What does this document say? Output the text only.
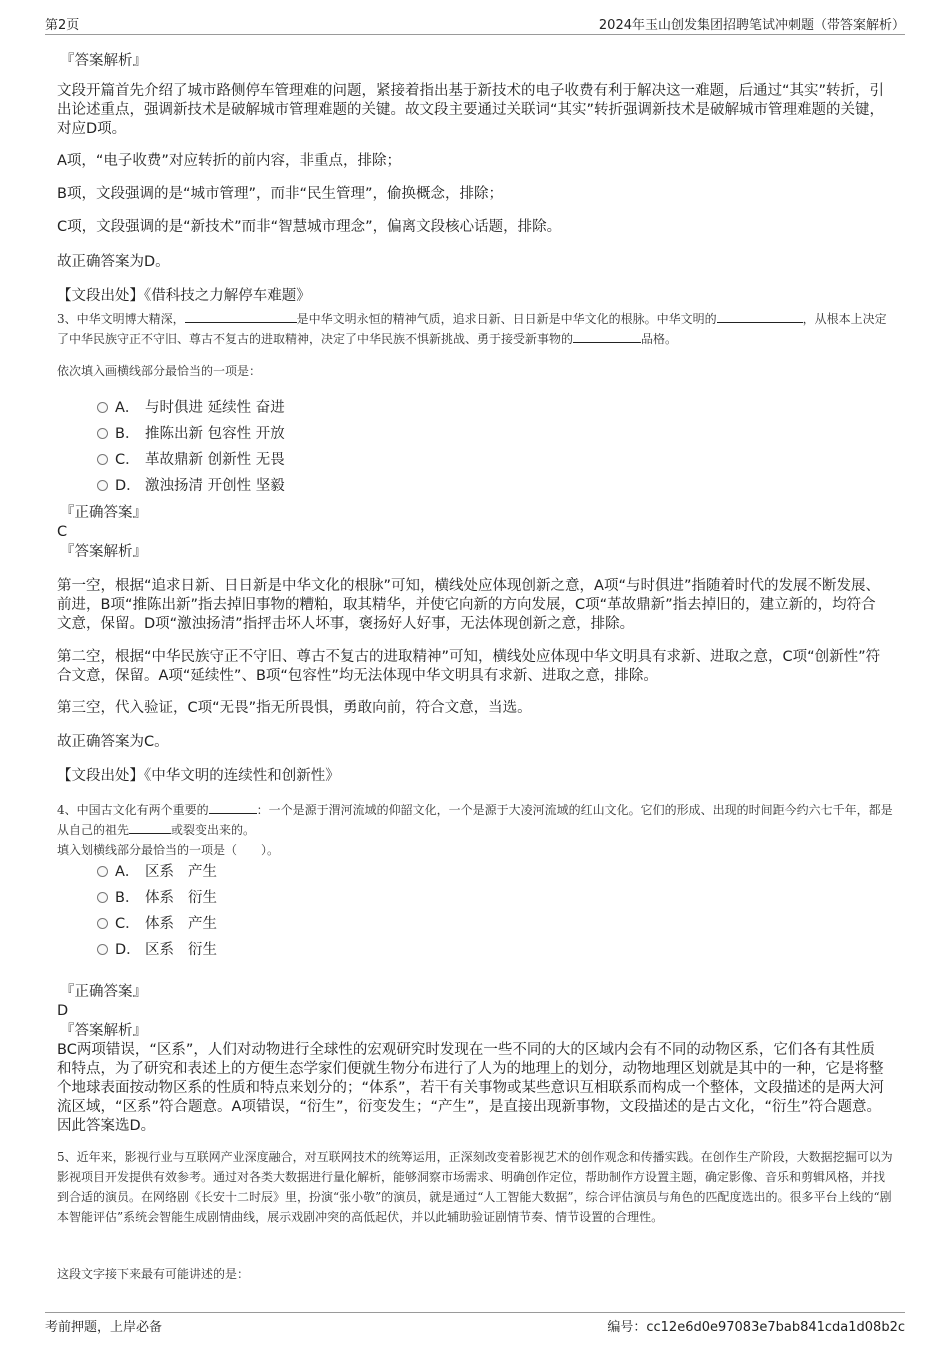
第2页	2024年玉山创发集团招聘笔试冲刺题（带答案解析）
『答案解析』

文段开篇首先介绍了城市路侧停车管理难的问题，紧接着指出基于新技术的电子收费有利于解决这一难题，后通过“其实”转折，引出论述重点，强调新技术是破解城市管理难题的关键。故文段主要通过关联词“其实”转折强调新技术是破解城市管理难题的关键，对应D项。

A项，“电子收费”对应转折的前内容，非重点，排除；

B项，文段强调的是“城市管理”，而非“民生管理”，偷换概念，排除；

C项，文段强调的是“新技术”而非“智慧城市理念”，偏离文段核心话题，排除。

故正确答案为D。

【文段出处】《借科技之力解停车难题》

3、中华文明博大精深，	是中华文明永恒的精神气质，追求日新、日日新是中华文化的根脉。中华文明的	，从根本上决定了中华民族守正不守旧、尊古不复古的进取精神，决定了中华民族不惧新挑战、勇于接受新事物的	品格。

依次填入画横线部分最恰当的一项是：

A． 与时俱进 延续性 奋进
B． 推陈出新 包容性 开放
C． 革故鼎新 创新性 无畏
D． 激浊扬清 开创性 坚毅
『正确答案』
C
『答案解析』

第一空，根据“追求日新、日日新是中华文化的根脉”可知，横线处应体现创新之意，A项“与时俱进”指随着时代的发展不断发展、前进，B项“推陈出新”指去掉旧事物的糟粕，取其精华，并使它向新的方向发展，C项“革故鼎新”指去掉旧的，建立新的，均符合文意，保留。D项“激浊扬清”指抨击坏人坏事，褒扬好人好事，无法体现创新之意，排除。

第二空，根据“中华民族守正不守旧、尊古不复古的进取精神”可知，横线处应体现中华文明具有求新、进取之意，C项“创新性”符合文意，保留。A项“延续性”、B项“包容性”均无法体现中华文明具有求新、进取之意，排除。

第三空，代入验证，C项“无畏”指无所畏惧，勇敢向前，符合文意，当选。

故正确答案为C。

【文段出处】《中华文明的连续性和创新性》

4、中国古文化有两个重要的	：一个是源于渭河流域的仰韶文化，一个是源于大凌河流域的红山文化。它们的形成、出现的时间距今约六七千年，都是从自己的祖先	或裂变出来的。

填入划横线部分最恰当的一项是（　　）。

A． 区系 产生
B． 体系 衍生
C． 体系 产生
D． 区系 衍生
『正确答案』
D
『答案解析』

BC两项错误，“区系”，人们对动物进行全球性的宏观研究时发现在一些不同的大的区域内会有不同的动物区系，它们各有其性质和特点，为了研究和表述上的方便生态学家们便就生物分布进行了人为的地理上的划分，动物地理区划就是其中的一种，它是将整个地球表面按动物区系的性质和特点来划分的；“体系”，若干有关事物或某些意识互相联系而构成一个整体，文段描述的是两大河流区域，“区系”符合题意。A项错误，“衍生”，衍变发生；“产生”，是直接出现新事物，文段描述的是古文化，“衍生”符合题意。因此答案选D。

5、近年来，影视行业与互联网产业深度融合，对互联网技术的统筹运用，正深刻改变着影视艺术的创作观念和传播实践。在创作生产阶段，大数据挖掘可以为影视项目开发提供有效参考。通过对各类大数据进行量化解析，能够洞察市场需求、明确创作定位，帮助制作方设置主题，确定影像、音乐和剪辑风格，并找到合适的演员。在网络剧《长安十二时辰》里，扮演“张小敬”的演员，就是通过“人工智能大数据”，综合评估演员与角色的匹配度选出的。很多平台上线的“剧本智能评估”系统会智能生成剧情曲线，展示戏剧冲突的高低起伏，并以此辅助验证剧情节奏、情节设置的合理性。

这段文字接下来最有可能讲述的是：

考前押题，上岸必备	编号：cc12e6d0e97083e7bab841cda1d08b2c
